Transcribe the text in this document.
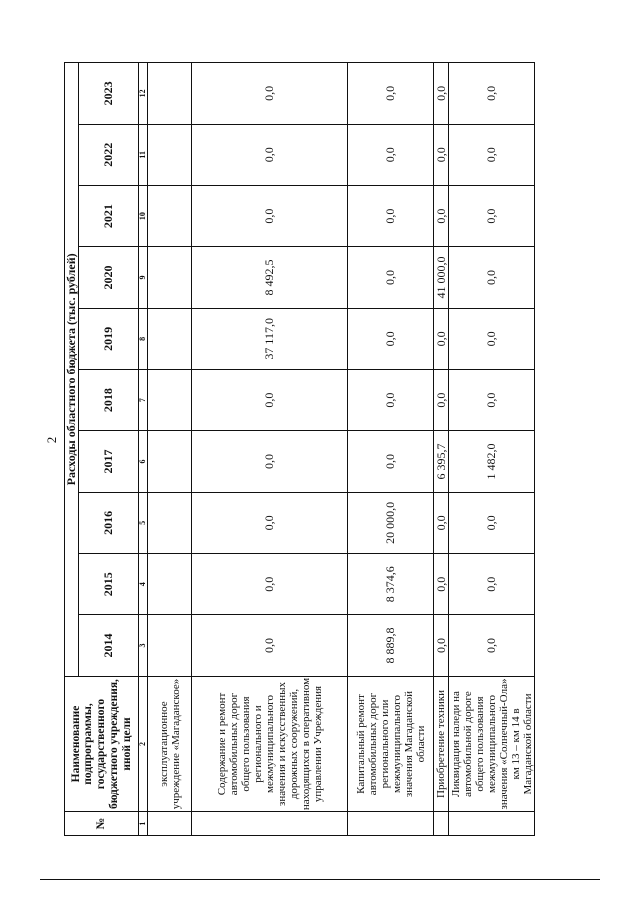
2
№	Наименование подпрограммы, государственного бюджетного учреждения, иной цели	Расходы областного бюджета (тыс. рублей)									
		2014	2015	2016	2017	2018	2019	2020	2021	2022	2023
1	2	3	4	5	6	7	8	9	10	11	12
	эксплуатационное учреждение «Магаданское»										
	Содержание и ремонт автомобильных дорог общего пользования регионального и межмуниципального значения и искусственных дорожных сооружений, находящихся в оперативном управлении Учреждения	0,0	0,0	0,0	0,0	0,0	37 117,0	8 492,5	0,0	0,0	0,0
	Капитальный ремонт автомобильных дорог регионального или межмуниципального значения Магаданской области	8 889,8	8 374,6	20 000,0	0,0	0,0	0,0	0,0	0,0	0,0	0,0
	Приобретение техники	0,0	0,0	0,0	6 395,7	0,0	0,0	41 000,0	0,0	0,0	0,0
	Ликвидация наледи на автомобильной дороге общего пользования межмуниципального значения «Солнечный-Ола» км 13 – км 14 в Магаданской области	0,0	0,0	0,0	1 482,0	0,0	0,0	0,0	0,0	0,0	0,0
